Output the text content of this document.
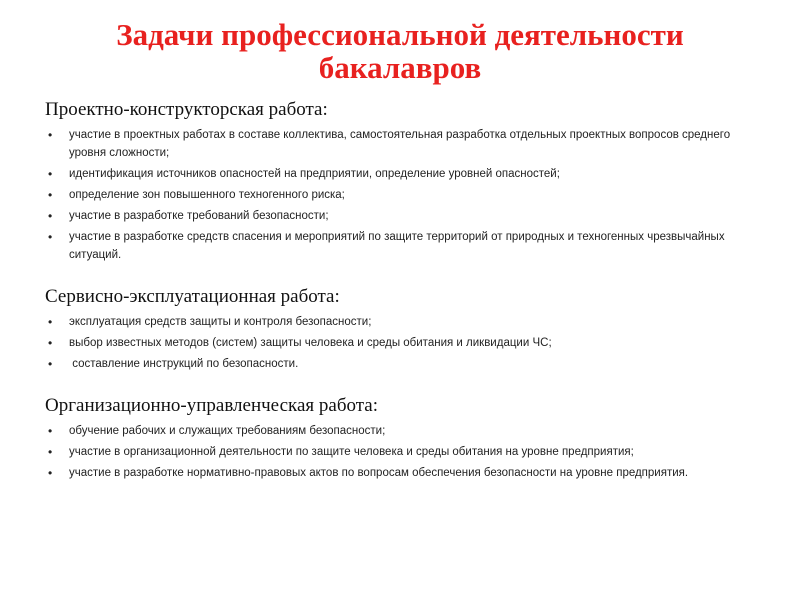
Задачи профессиональной деятельности
бакалавров
Проектно-конструкторская работа:
• участие в проектных работах в составе коллектива, самостоятельная разработка отдельных проектных вопросов среднего уровня сложности;
• идентификация источников опасностей на предприятии, определение уровней опасностей;
• определение зон повышенного техногенного риска;
• участие в разработке требований безопасности;
• участие в разработке средств спасения и мероприятий по защите территорий от природных и техногенных чрезвычайных ситуаций.
Сервисно-эксплуатационная работа:
• эксплуатация средств защиты и контроля безопасности;
• выбор известных методов (систем) защиты человека и среды обитания и ликвидации ЧС;
• составление инструкций по безопасности.
Организационно-управленческая работа:
• обучение рабочих и служащих требованиям безопасности;
• участие в организационной деятельности по защите человека и среды обитания на уровне предприятия;
• участие в разработке нормативно-правовых актов по вопросам обеспечения безопасности на уровне предприятия.
